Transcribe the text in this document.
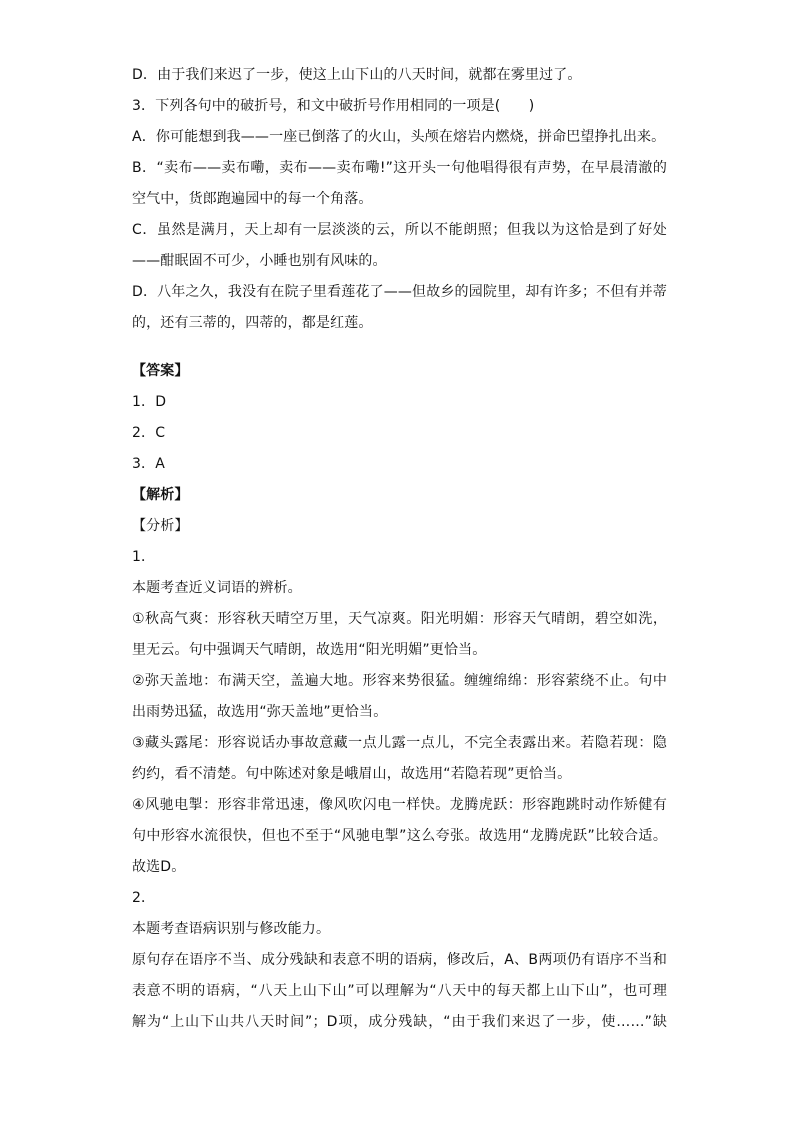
D．由于我们来迟了一步，使这上山下山的八天时间，就都在雾里过了。
3．下列各句中的破折号，和文中破折号作用相同的一项是(　　)
A．你可能想到我——一座已倒落了的火山，头颅在熔岩内燃烧，拼命巴望挣扎出来。
B．“卖布——卖布嘞，卖布——卖布嘞!”这开头一句他唱得很有声势，在早晨清澈的
空气中，货郎跑遍园中的每一个角落。
C．虽然是满月，天上却有一层淡淡的云，所以不能朗照；但我以为这恰是到了好处
——酣眠固不可少，小睡也别有风味的。
D．八年之久，我没有在院子里看莲花了——但故乡的园院里，却有许多；不但有并蒂
的，还有三蒂的，四蒂的，都是红莲。
【答案】
1．D
2．C
3．A
【解析】
【分析】
1．
本题考查近义词语的辨析。
①秋高气爽：形容秋天晴空万里，天气凉爽。阳光明媚：形容天气晴朗，碧空如洗，
里无云。句中强调天气晴朗，故选用“阳光明媚”更恰当。
②弥天盖地：布满天空，盖遍大地。形容来势很猛。缠缠绵绵：形容萦绕不止。句中
出雨势迅猛，故选用“弥天盖地”更恰当。
③藏头露尾：形容说话办事故意藏一点儿露一点儿，不完全表露出来。若隐若现：隐
约约，看不清楚。句中陈述对象是峨眉山，故选用“若隐若现”更恰当。
④风驰电掣：形容非常迅速，像风吹闪电一样快。龙腾虎跃：形容跑跳时动作矫健有
句中形容水流很快，但也不至于“风驰电掣”这么夸张。故选用“龙腾虎跃”比较合适。
故选D。
2．
本题考查语病识别与修改能力。
原句存在语序不当、成分残缺和表意不明的语病，修改后，A、B两项仍有语序不当和
表意不明的语病，“八天上山下山”可以理解为“八天中的每天都上山下山”，也可理
解为“上山下山共八天时间”；D项，成分残缺，“由于我们来迟了一步，使……”缺
